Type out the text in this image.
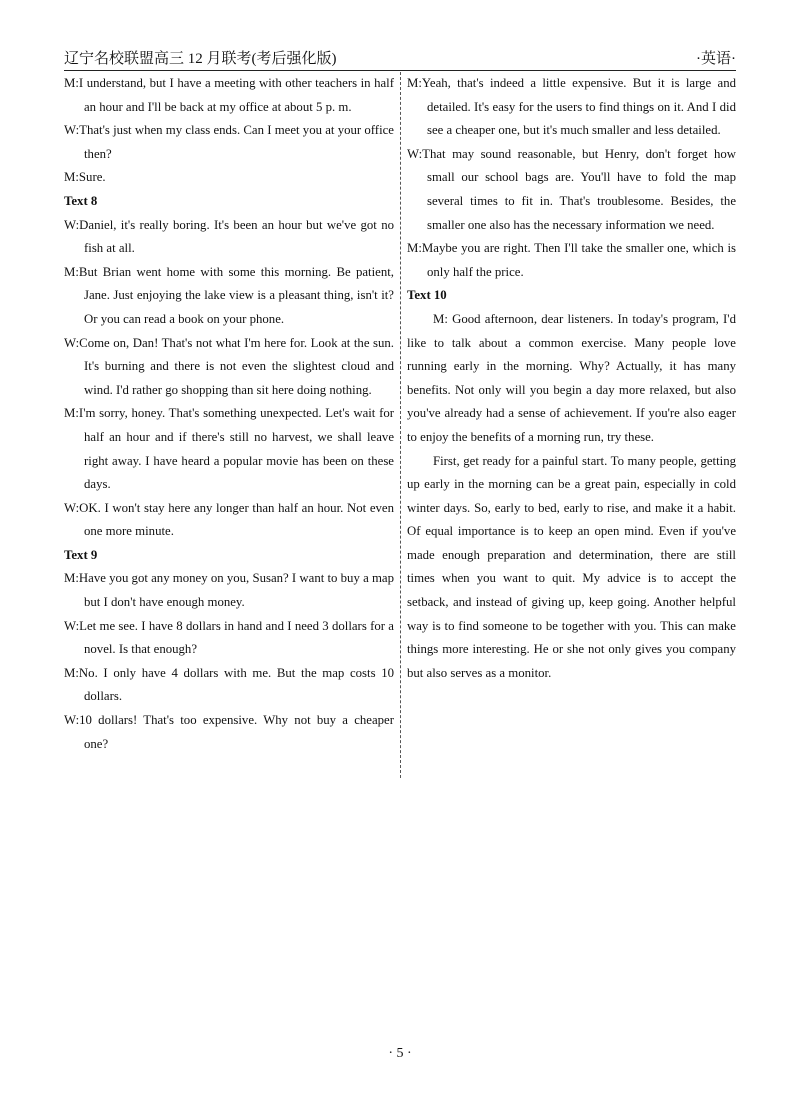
辽宁名校联盟高三 12 月联考(考后强化版)	·英语·

M:I understand, but I have a meeting with other teachers in half an hour and I'll be back at my office at about 5 p. m.

W:That's just when my class ends. Can I meet you at your office then?

M:Sure.

Text 8

W:Daniel, it's really boring. It's been an hour but we've got no fish at all.

M:But Brian went home with some this morning. Be patient, Jane. Just enjoying the lake view is a pleasant thing, isn't it? Or you can read a book on your phone.

W:Come on, Dan! That's not what I'm here for. Look at the sun. It's burning and there is not even the slightest cloud and wind. I'd rather go shopping than sit here doing nothing.

M:I'm sorry, honey. That's something unexpected. Let's wait for half an hour and if there's still no harvest, we shall leave right away. I have heard a popular movie has been on these days.

W:OK. I won't stay here any longer than half an hour. Not even one more minute.

Text 9

M:Have you got any money on you, Susan? I want to buy a map but I don't have enough money.

W:Let me see. I have 8 dollars in hand and I need 3 dollars for a novel. Is that enough?

M:No. I only have 4 dollars with me. But the map costs 10 dollars.

W:10 dollars! That's too expensive. Why not buy a cheaper one?

M:Yeah, that's indeed a little expensive. But it is large and detailed. It's easy for the users to find things on it. And I did see a cheaper one, but it's much smaller and less detailed.

W:That may sound reasonable, but Henry, don't forget how small our school bags are. You'll have to fold the map several times to fit in. That's troublesome. Besides, the smaller one also has the necessary information we need.

M:Maybe you are right. Then I'll take the smaller one, which is only half the price.

Text 10

M: Good afternoon, dear listeners. In today's program, I'd like to talk about a common exercise. Many people love running early in the morning. Why? Actually, it has many benefits. Not only will you begin a day more relaxed, but also you've already had a sense of achievement. If you're also eager to enjoy the benefits of a morning run, try these.

First, get ready for a painful start. To many people, getting up early in the morning can be a great pain, especially in cold winter days. So, early to bed, early to rise, and make it a habit. Of equal importance is to keep an open mind. Even if you've made enough preparation and determination, there are still times when you want to quit. My advice is to accept the setback, and instead of giving up, keep going. Another helpful way is to find someone to be together with you. This can make things more interesting. He or she not only gives you company but also serves as a monitor.

· 5 ·
